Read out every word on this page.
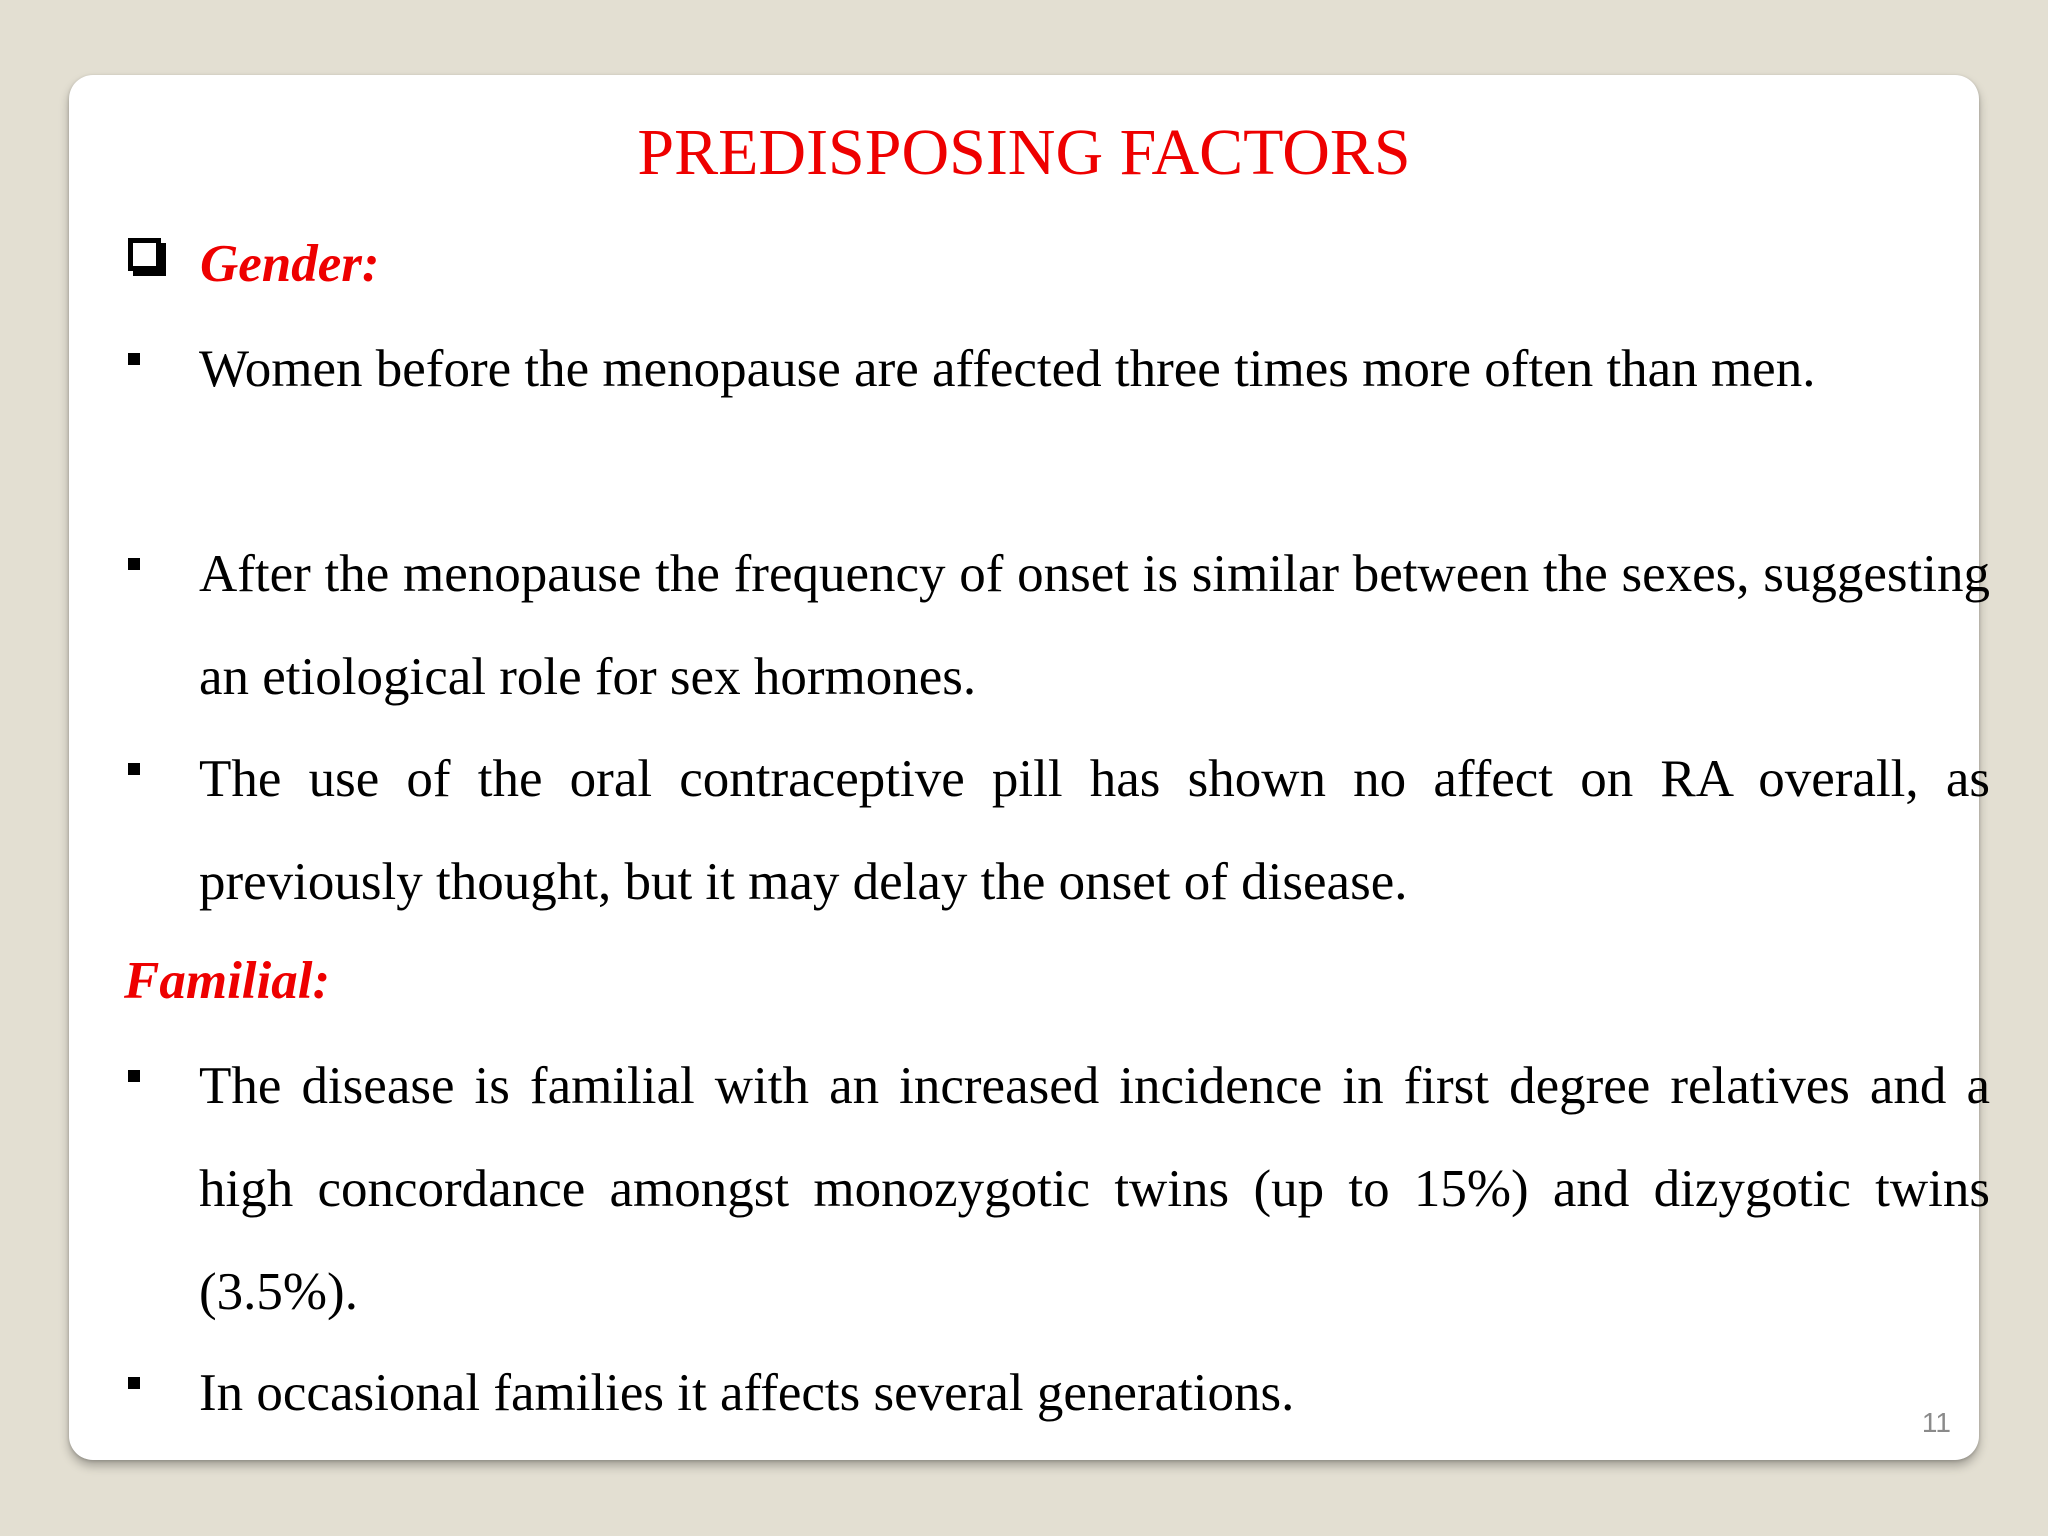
PREDISPOSING FACTORS
Gender:

Women before the menopause are affected three times more often than men.

After the menopause the frequency of onset is similar between the sexes, suggesting an etiological role for sex hormones.

The use of the oral contraceptive pill has shown no affect on RA overall, as previously thought, but it may delay the onset of disease.

Familial:

The disease is familial with an increased incidence in first degree relatives and a high concordance amongst monozygotic twins (up to 15%) and dizygotic twins (3.5%).

In occasional families it affects several generations.

11
